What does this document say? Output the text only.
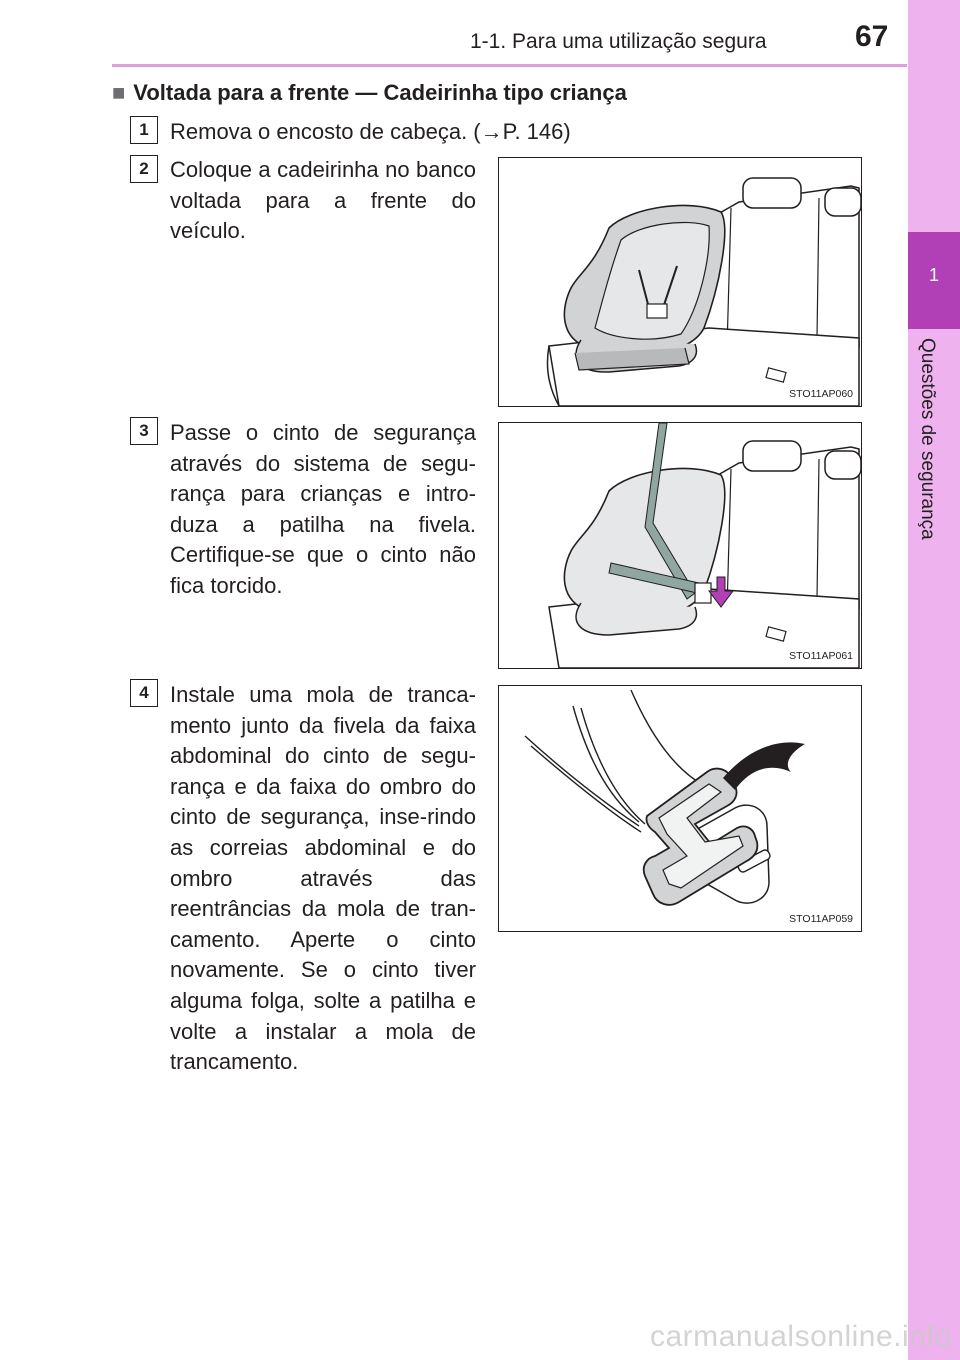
1-1. Para uma utilização segura	67
1
Questões de segurança
■ Voltada para a frente — Cadeirinha tipo criança
1 Remova o encosto de cabeça. (→P. 146)
2 Coloque a cadeirinha no banco voltada para a frente do veículo.
STO11AP060
3 Passe o cinto de segurança através do sistema de segu-rança para crianças e intro-duza a patilha na fivela. Certifique-se que o cinto não fica torcido.
STO11AP061
4 Instale uma mola de tranca-mento junto da fivela da faixa abdominal do cinto de segu-rança e da faixa do ombro do cinto de segurança, inse-rindo as correias abdominal e do ombro através das reentrâncias da mola de tran-camento. Aperte o cinto novamente. Se o cinto tiver alguma folga, solte a patilha e volte a instalar a mola de trancamento.
STO11AP059
carmanualsonline.info
